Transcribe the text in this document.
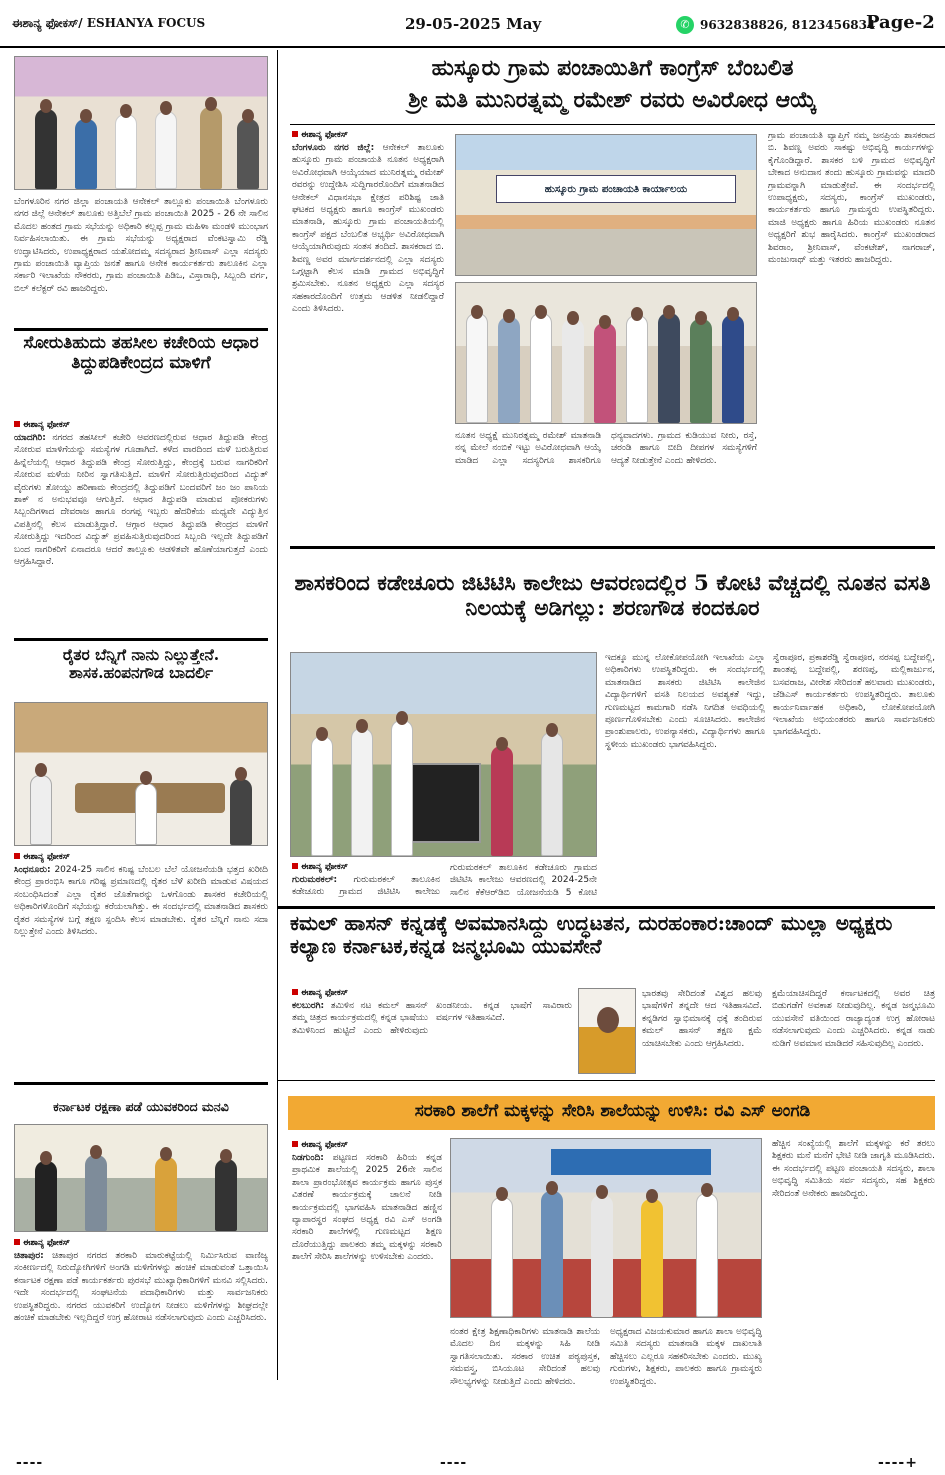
ಈಶಾನ್ಯ ಫೋಕಸ್/ ESHANYA FOCUS	29-05-2025 May	✆ 9632838826, 8123456834
Page-2
ಬೆಂಗಳೂರಿನ ನಗರ ಜಿಲ್ಲಾ ಪಂಚಾಯತಿ ಆನೇಕಲ್ ತಾಲ್ಲೂಕು ಪಂಚಾಯಿತಿ ಬೆಂಗಳೂರು ನಗರ ಜಿಲ್ಲೆ ಆನೇಕಲ್ ತಾಲೂಕು ಅತ್ತಿಬೆಲೆ ಗ್ರಾಮ ಪಂಚಾಯಿತಿ 2025 - 26 ನೇ ಸಾಲಿನ ಮೊದಲ ಹಂತದ ಗ್ರಾಮ ಸಭೆಯನ್ನು ಅಧಿಕಾರಿ ಕಲ್ಲಪ್ಪ ಗ್ರಾಮ ಮಹಿಳಾ ಮಂಡಳಿ ಮುಂಭಾಗ ನಿರ್ವಹಿಸಲಾಯಿತು. ಈ ಗ್ರಾಮ ಸಭೆಯನ್ನು ಅಧ್ಯಕ್ಷರಾದ ವೆಂಕಟಸ್ವಾಮಿ ರೆಡ್ಡಿ ಉದ್ಘಾಟಿಸಿದರು, ಉಪಾಧ್ಯಕ್ಷರಾದ ಯಶೋದಮ್ಮ ಸದಸ್ಯರಾದ ಶ್ರೀನಿವಾಸ್ ಎಲ್ಲಾ ಸದಸ್ಯರು ಗ್ರಾಮ ಪಂಚಾಯಿತಿ ವ್ಯಾಪ್ತಿಯ ಜನತೆ ಹಾಗೂ ಅನೇಕ ಕಾರ್ಯಕರ್ತರು ತಾಲೂಕಿನ ಎಲ್ಲಾ ಸರ್ಕಾರಿ ಇಲಾಖೆಯ ನೌಕರರು, ಗ್ರಾಮ ಪಂಚಾಯಿತಿ ಪಿಡಿಒ, ವಿಸ್ತಾರಾಧಿ, ಸಿಬ್ಬಂದಿ ವರ್ಗ, ಬಿಲ್ ಕಲೆಕ್ಟರ್ ರವಿ ಹಾಜರಿದ್ದರು.
ಸೋರುತಿಹುದು ತಹಸೀಲ ಕಚೇರಿಯ ಆಧಾರ ತಿದ್ದುಪಡಿಕೇಂದ್ರದ ಮಾಳಿಗೆ
ಈಶಾನ್ಯ ಫೋಕಸ್
ಯಾದಗಿರಿ: ನಗರದ ತಹಸೀಲ್ ಕಚೇರಿ ಆವರಣದಲ್ಲಿರುವ ಆಧಾರ ತಿದ್ದುಪಡಿ ಕೇಂದ್ರ ಸೋರುವ ಮಾಳಿಗೆಯನ್ನು ಸಮಸ್ಯೆಗಳ ಗೂಡಾಗಿದೆ. ಕಳೆದ ವಾರದಿಂದ ಮಳೆ ಬರುತ್ತಿರುವ ಹಿನ್ನೆಲೆಯಲ್ಲಿ ಆಧಾರ ತಿದ್ದುಪಡಿ ಕೇಂದ್ರ ಸೋರುತ್ತಿದ್ದು, ಕೇಂದ್ರಕ್ಕೆ ಬರುವ ನಾಗರಿಕರಿಗೆ ಸೋರುವ ಮಳೆಯ ನೀರಿನ ಸ್ವಾಗತಿಸುತ್ತಿದೆ. ಮಾಳಿಗೆ ಸೋರುತ್ತಿರುವುದರಿಂದ ವಿದ್ಯುತ್ ವೈರುಗಳು ತೋಯ್ದು ಹರಿಣಾಮ ಕೇಂದ್ರದಲ್ಲಿ ತಿದ್ದುಪಡಿಗೆ ಬಂದವರಿಗೆ ಜಂ ಜಂ ಪಾನಿಯ ಶಾಕ್ ನ ಅನುಭವವೂ ಆಗುತ್ತಿದೆ. ಆಧಾರ ತಿದ್ದುಪಡಿ ಮಾಡುವ ಪೋಕರುಗಳು ಸಿಬ್ಬಂದಿಗಳಾದ ದೇವರಾಜ ಹಾಗೂ ರಂಗಪ್ಪ ಇಬ್ಬರು ಹೆದರಿಕೆಯ ಮಧ್ಯವೇ ವಿದ್ಯುತ್ತಿನ ವಿಪತ್ತಿನಲ್ಲಿ ಕೆಲಸ ಮಾಡುತ್ತಿದ್ದಾರೆ. ಆಗ್ಗಾರ ಆಧಾರ ತಿದ್ದುಪಡಿ ಕೇಂದ್ರದ ಮಾಳಿಗೆ ಸೋರುತ್ತಿದ್ದು ಇದರಿಂದ ವಿದ್ಯುತ್ ಪ್ರವಹಿಸುತ್ತಿರುವುದರಿಂದ ಸಿಬ್ಬಂದಿ ಇಲ್ಲದೇ ತಿದ್ದುಪಡಿಗೆ ಬಂದ ನಾಗರಿಕರಿಗೆ ಏನಾದರೂ ಆದರೆ ತಾಲ್ಲೂಕು ಆಡಳಿತವೇ ಹೊಣೆಯಾಗುತ್ತದೆ ಎಂದು ಆಗ್ರಹಿಸಿದ್ದಾರೆ.
ರೈತರ ಬೆನ್ನಿಗೆ ನಾನು ನಿಲ್ಲುತ್ತೇನೆ. ಶಾಸಕ.ಹಂಪನಗೌಡ ಬಾದರ್ಲಿ
ಈಶಾನ್ಯ ಫೋಕಸ್
ಸಿಂಧನೂರು: 2024-25 ಸಾಲಿನ ಕನಿಷ್ಟ ಬೆಂಬಲ ಬೆಲೆ ಯೋಜನೆಯಡಿ ಭತ್ತದ ಖರೀದಿ ಕೇಂದ್ರ ಪ್ರಾರಂಭಿಸಿ ಕಾಗೂ ಗರಿಷ್ಟ ಪ್ರಮಾಣದಲ್ಲಿ ರೈತರ ಬೆಳೆ ಖರೀದಿ ಮಾಡುವ ವಿಷಯದ ಸಂಬಂಧಿಸಿದಂತೆ ಎಲ್ಲಾ ರೈತರ ಜೊತೆಗಾರನ್ನು ಒಳಗೊಂಡು ಶಾಸಕರ ಕಚೇರಿಯಲ್ಲಿ ಅಧಿಕಾರಿಗಳೊಂದಿಗೆ ಸಭೆಯನ್ನು ಕರೆಯಲಾಗಿತ್ತು. ಈ ಸಂದರ್ಭದಲ್ಲಿ ಮಾತನಾಡಿದ ಶಾಸಕರು ರೈತರ ಸಮಸ್ಯೆಗಳ ಬಗ್ಗೆ ತಕ್ಷಣ ಸ್ಪಂದಿಸಿ ಕೆಲಸ ಮಾಡಬೇಕು. ರೈತರ ಬೆನ್ನಿಗೆ ನಾನು ಸದಾ ನಿಲ್ಲುತ್ತೇನೆ ಎಂದು ತಿಳಿಸಿದರು.
ಕರ್ನಾಟಕ ರಕ್ಷಣಾ ಪಡೆ ಯುವಕರಿಂದ ಮನವಿ
ಈಶಾನ್ಯ ಫೋಕಸ್
ಚಿತಾಪುರ: ಚಿತಾಪುರ ನಗರದ ತರಕಾರಿ ಮಾರುಕಟ್ಟೆಯಲ್ಲಿ ನಿರ್ಮಿಸಿರುವ ವಾಣಿಜ್ಯ ಸಂಕೀರ್ಣದಲ್ಲಿ ನಿರುದ್ಯೋಗಿಗಳಿಗೆ ಅಂಗಡಿ ಮಳಿಗೆಗಳನ್ನು ಹಂಚಿಕೆ ಮಾಡುವಂತೆ ಒತ್ತಾಯಿಸಿ ಕರ್ನಾಟಕ ರಕ್ಷಣಾ ಪಡೆ ಕಾರ್ಯಕರ್ತರು ಪುರಸಭೆ ಮುಖ್ಯಾಧಿಕಾರಿಗಳಿಗೆ ಮನವಿ ಸಲ್ಲಿಸಿದರು. ಇದೇ ಸಂದರ್ಭದಲ್ಲಿ ಸಂಘಟನೆಯ ಪದಾಧಿಕಾರಿಗಳು ಮತ್ತು ಸಾರ್ವಜನಿಕರು ಉಪಸ್ಥಿತರಿದ್ದರು. ನಗರದ ಯುವಕರಿಗೆ ಉದ್ಯೋಗ ನೀಡಲು ಮಳಿಗೆಗಳನ್ನು ಶೀಘ್ರದಲ್ಲೇ ಹಂಚಿಕೆ ಮಾಡಬೇಕು ಇಲ್ಲದಿದ್ದರೆ ಉಗ್ರ ಹೋರಾಟ ನಡೆಸಲಾಗುವುದು ಎಂದು ಎಚ್ಚರಿಸಿದರು.
ಹುಸ್ಕೂರು ಗ್ರಾಮ ಪಂಚಾಯಿತಿಗೆ ಕಾಂಗ್ರೆಸ್ ಬೆಂಬಲಿತ
ಶ್ರೀ ಮತಿ ಮುನಿರತ್ನಮ್ಮ ರಮೇಶ್ ರವರು ಅವಿರೋಧ ಆಯ್ಕೆ
ಈಶಾನ್ಯ ಫೋಕಸ್
ಬೆಂಗಳೂರು ನಗರ ಜಿಲ್ಲೆ: ಆನೇಕಲ್ ತಾಲೂಕು ಹುಸ್ಕೂರು ಗ್ರಾಮ ಪಂಚಾಯತಿ ನೂತನ ಅಧ್ಯಕ್ಷರಾಗಿ ಅವಿರೋಧವಾಗಿ ಆಯ್ಕೆಯಾದ ಮುನಿರತ್ನಮ್ಮ ರಮೇಶ್ ರವರನ್ನು ಉದ್ದೇಶಿಸಿ ಸುದ್ದಿಗಾರರೊಂದಿಗೆ ಮಾತನಾಡಿದ ಆನೇಕಲ್ ವಿಧಾನಸಭಾ ಕ್ಷೇತ್ರದ ಪರಿಶಿಷ್ಟ ಜಾತಿ ಘಟಕದ ಅಧ್ಯಕ್ಷರು ಹಾಗೂ ಕಾಂಗ್ರೆಸ್ ಮುಖಂಡರು ಮಾತನಾಡಿ, ಹುಸ್ಕೂರು ಗ್ರಾಮ ಪಂಚಾಯತಿಯಲ್ಲಿ ಕಾಂಗ್ರೆಸ್ ಪಕ್ಷದ ಬೆಂಬಲಿತ ಅಭ್ಯರ್ಥಿ ಅವಿರೋಧವಾಗಿ ಆಯ್ಕೆಯಾಗಿರುವುದು ಸಂತಸ ತಂದಿದೆ. ಶಾಸಕರಾದ ಬಿ. ಶಿವಣ್ಣ ಅವರ ಮಾರ್ಗದರ್ಶನದಲ್ಲಿ ಎಲ್ಲಾ ಸದಸ್ಯರು ಒಗ್ಗಟ್ಟಾಗಿ ಕೆಲಸ ಮಾಡಿ ಗ್ರಾಮದ ಅಭಿವೃದ್ಧಿಗೆ ಶ್ರಮಿಸಬೇಕು. ನೂತನ ಅಧ್ಯಕ್ಷರು ಎಲ್ಲಾ ಸದಸ್ಯರ ಸಹಕಾರದೊಂದಿಗೆ ಉತ್ತಮ ಆಡಳಿತ ನೀಡಲಿದ್ದಾರೆ ಎಂದು ತಿಳಿಸಿದರು.
ಹುಸ್ಕೂರು ಗ್ರಾಮ ಪಂಚಾಯತಿ ಕಾರ್ಯಾಲಯ
ನೂತನ ಅಧ್ಯಕ್ಷೆ ಮುನಿರತ್ನಮ್ಮ ರಮೇಶ್ ಮಾತನಾಡಿ ನನ್ನ ಮೇಲೆ ನಂಬಿಕೆ ಇಟ್ಟು ಅವಿರೋಧವಾಗಿ ಆಯ್ಕೆ ಮಾಡಿದ ಎಲ್ಲಾ ಸದಸ್ಯರಿಗೂ ಶಾಸಕರಿಗೂ ಧನ್ಯವಾದಗಳು. ಗ್ರಾಮದ ಕುಡಿಯುವ ನೀರು, ರಸ್ತೆ, ಚರಂಡಿ ಹಾಗೂ ಬೀದಿ ದೀಪಗಳ ಸಮಸ್ಯೆಗಳಿಗೆ ಆದ್ಯತೆ ನೀಡುತ್ತೇನೆ ಎಂದು ಹೇಳಿದರು.
ಗ್ರಾಮ ಪಂಚಾಯತಿ ವ್ಯಾಪ್ತಿಗೆ ನಮ್ಮ ಜನಪ್ರಿಯ ಶಾಸಕರಾದ ಬಿ. ಶಿವಣ್ಣ ಅವರು ಸಾಕಷ್ಟು ಅಭಿವೃದ್ಧಿ ಕಾರ್ಯಗಳನ್ನು ಕೈಗೊಂಡಿದ್ದಾರೆ. ಶಾಸಕರ ಬಳಿ ಗ್ರಾಮದ ಅಭಿವೃದ್ಧಿಗೆ ಬೇಕಾದ ಅನುದಾನ ತಂದು ಹುಸ್ಕೂರು ಗ್ರಾಮವನ್ನು ಮಾದರಿ ಗ್ರಾಮವನ್ನಾಗಿ ಮಾಡುತ್ತೇವೆ. ಈ ಸಂದರ್ಭದಲ್ಲಿ ಉಪಾಧ್ಯಕ್ಷರು, ಸದಸ್ಯರು, ಕಾಂಗ್ರೆಸ್ ಮುಖಂಡರು, ಕಾರ್ಯಕರ್ತರು ಹಾಗೂ ಗ್ರಾಮಸ್ಥರು ಉಪಸ್ಥಿತರಿದ್ದರು. ಮಾಜಿ ಅಧ್ಯಕ್ಷರು ಹಾಗೂ ಹಿರಿಯ ಮುಖಂಡರು ನೂತನ ಅಧ್ಯಕ್ಷರಿಗೆ ಶುಭ ಹಾರೈಸಿದರು. ಕಾಂಗ್ರೆಸ್ ಮುಖಂಡರಾದ ಶಿವರಾಂ, ಶ್ರೀನಿವಾಸ್, ವೆಂಕಟೇಶ್, ನಾಗರಾಜ್, ಮಂಜುನಾಥ್ ಮತ್ತು ಇತರರು ಹಾಜರಿದ್ದರು.
ಶಾಸಕರಿಂದ ಕಡೇಚೂರು ಜಿಟಿಟಿಸಿ ಕಾಲೇಜು ಆವರಣದಲ್ಲಿರ 5 ಕೋಟಿ ವೆಚ್ಚದಲ್ಲಿ ನೂತನ ವಸತಿ ನಿಲಯಕ್ಕೆ ಅಡಿಗಲ್ಲು: ಶರಣಗೌಡ ಕಂದಕೂರ
ಈಶಾನ್ಯ ಫೋಕಸ್
ಗುರುಮಠಕಲ್: ಗುರುಮಠಕಲ್ ತಾಲೂಕಿನ ಕಡೇಚೂರು ಗ್ರಾಮದ ಜಿಟಿಟಿಸಿ ಕಾಲೇಜು
ಗುರುಮಠಕಲ್ ತಾಲೂಕಿನ ಕಡೇಚೂರು ಗ್ರಾಮದ ಜಿಟಿಟಿಸಿ ಕಾಲೇಜು ಆವರಣದಲ್ಲಿ 2024-25ನೇ ಸಾಲಿನ ಕೆಕೆಆರ್‌ಡಿಬಿ ಯೋಜನೆಯಡಿ 5 ಕೋಟಿ
ಇದಕ್ಕೂ ಮುನ್ನ ಲೋಕೋಪಯೋಗಿ ಇಲಾಖೆಯ ಎಲ್ಲಾ ಅಧಿಕಾರಿಗಳು ಉಪಸ್ಥಿತರಿದ್ದರು. ಈ ಸಂದರ್ಭದಲ್ಲಿ ಮಾತನಾಡಿದ ಶಾಸಕರು ಜಿಟಿಟಿಸಿ ಕಾಲೇಜಿನ ವಿದ್ಯಾರ್ಥಿಗಳಿಗೆ ವಸತಿ ನಿಲಯದ ಅವಶ್ಯಕತೆ ಇದ್ದು, ಗುಣಮಟ್ಟದ ಕಾಮಗಾರಿ ನಡೆಸಿ ನಿಗದಿತ ಅವಧಿಯಲ್ಲಿ ಪೂರ್ಣಗೊಳಿಸಬೇಕು ಎಂದು ಸೂಚಿಸಿದರು. ಕಾಲೇಜಿನ ಪ್ರಾಂಶುಪಾಲರು, ಉಪನ್ಯಾಸಕರು, ವಿದ್ಯಾರ್ಥಿಗಳು ಹಾಗೂ ಸ್ಥಳೀಯ ಮುಖಂಡರು ಭಾಗವಹಿಸಿದ್ದರು.
ಸ್ವೆರಾಪೂರ, ಪ್ರಕಾಶರೆಡ್ಡಿ ಸ್ವೆರಾಪೂರ, ನರಸಪ್ಪ ಬದ್ದೇಪಲ್ಲಿ, ಶಾಂತಪ್ಪ ಬದ್ದೇಪಲ್ಲಿ, ಶರಣಪ್ಪ, ಮಲ್ಲಿಕಾರ್ಜುನ, ಬಸವರಾಜ, ವೀರೇಶ ಸೇರಿದಂತೆ ಹಲವಾರು ಮುಖಂಡರು, ಜೆಡಿಎಸ್ ಕಾರ್ಯಕರ್ತರು ಉಪಸ್ಥಿತರಿದ್ದರು. ತಾಲೂಕು ಕಾರ್ಯನಿರ್ವಾಹಕ ಅಧಿಕಾರಿ, ಲೋಕೋಪಯೋಗಿ ಇಲಾಖೆಯ ಅಭಿಯಂತರರು ಹಾಗೂ ಸಾರ್ವಜನಿಕರು ಭಾಗವಹಿಸಿದ್ದರು.
ಕಮಲ್ ಹಾಸನ್ ಕನ್ನಡಕ್ಕೆ ಅವಮಾನಸಿದ್ದು ಉದ್ಧಟತನ, ದುರಹಂಕಾರ:ಚಾಂದ್ ಮುಲ್ಲಾ ಅಧ್ಯಕ್ಷರು ಕಲ್ಯಾಣ ಕರ್ನಾಟಕ,ಕನ್ನಡ ಜನ್ಮಭೂಮಿ ಯುವಸೇನೆ
ಈಶಾನ್ಯ ಫೋಕಸ್
ಕಲಬುರಗಿ: ತಮಿಳಿನ ನಟ ಕಮಲ್ ಹಾಸನ್ ತಮ್ಮ ಚಿತ್ರದ ಕಾರ್ಯಕ್ರಮದಲ್ಲಿ ಕನ್ನಡ ಭಾಷೆಯು ತಮಿಳಿನಿಂದ ಹುಟ್ಟಿದೆ ಎಂದು ಹೇಳಿರುವುದು ಖಂಡನೀಯ. ಕನ್ನಡ ಭಾಷೆಗೆ ಸಾವಿರಾರು ವರ್ಷಗಳ ಇತಿಹಾಸವಿದೆ.
ಭಾರತವು ಸೇರಿದಂತೆ ವಿಶ್ವದ ಹಲವು ಭಾಷೆಗಳಿಗೆ ತನ್ನದೇ ಆದ ಇತಿಹಾಸವಿದೆ. ಕನ್ನಡಿಗರ ಸ್ವಾಭಿಮಾನಕ್ಕೆ ಧಕ್ಕೆ ತಂದಿರುವ ಕಮಲ್ ಹಾಸನ್ ತಕ್ಷಣ ಕ್ಷಮೆ ಯಾಚಿಸಬೇಕು ಎಂದು ಆಗ್ರಹಿಸಿದರು.
ಕ್ಷಮೆಯಾಚಿಸದಿದ್ದರೆ ಕರ್ನಾಟಕದಲ್ಲಿ ಅವರ ಚಿತ್ರ ಬಿಡುಗಡೆಗೆ ಅವಕಾಶ ನೀಡುವುದಿಲ್ಲ. ಕನ್ನಡ ಜನ್ಮಭೂಮಿ ಯುವಸೇನೆ ವತಿಯಿಂದ ರಾಜ್ಯಾದ್ಯಂತ ಉಗ್ರ ಹೋರಾಟ ನಡೆಸಲಾಗುವುದು ಎಂದು ಎಚ್ಚರಿಸಿದರು. ಕನ್ನಡ ನಾಡು ನುಡಿಗೆ ಅವಮಾನ ಮಾಡಿದರೆ ಸಹಿಸುವುದಿಲ್ಲ ಎಂದರು.
ಸರಕಾರಿ ಶಾಲೆಗೆ ಮಕ್ಕಳನ್ನು ಸೇರಿಸಿ ಶಾಲೆಯನ್ನು ಉಳಿಸಿ: ರವಿ ಎಸ್ ಅಂಗಡಿ
ಈಶಾನ್ಯ ಫೋಕಸ್
ನಿಡಗುಂದಿ: ಪಟ್ಟಣದ ಸರಕಾರಿ ಹಿರಿಯ ಕನ್ನಡ ಪ್ರಾಥಮಿಕ ಶಾಲೆಯಲ್ಲಿ 2025 26ನೇ ಸಾಲಿನ ಶಾಲಾ ಪ್ರಾರಂಭೋತ್ಸವ ಕಾರ್ಯಕ್ರಮ ಹಾಗೂ ಪುಸ್ತಕ ವಿತರಣೆ ಕಾರ್ಯಕ್ರಮಕ್ಕೆ ಚಾಲನೆ ನೀಡಿ ಕಾರ್ಯಕ್ರಮದಲ್ಲಿ ಭಾಗವಹಿಸಿ ಮಾತನಾಡಿದ ಹಣ್ಣಿನ ವ್ಯಾಪಾರಸ್ಥರ ಸಂಘದ ಅಧ್ಯಕ್ಷ ರವಿ ಎಸ್ ಅಂಗಡಿ ಸರಕಾರಿ ಶಾಲೆಗಳಲ್ಲಿ ಗುಣಮಟ್ಟದ ಶಿಕ್ಷಣ ದೊರೆಯುತ್ತಿದ್ದು ಪಾಲಕರು ತಮ್ಮ ಮಕ್ಕಳನ್ನು ಸರಕಾರಿ ಶಾಲೆಗೆ ಸೇರಿಸಿ ಶಾಲೆಗಳನ್ನು ಉಳಿಸಬೇಕು ಎಂದರು.
ನಂತರ ಕ್ಷೇತ್ರ ಶಿಕ್ಷಣಾಧಿಕಾರಿಗಳು ಮಾತನಾಡಿ ಶಾಲೆಯ ಮೊದಲ ದಿನ ಮಕ್ಕಳನ್ನು ಸಿಹಿ ನೀಡಿ ಸ್ವಾಗತಿಸಲಾಯಿತು. ಸರಕಾರ ಉಚಿತ ಪಠ್ಯಪುಸ್ತಕ, ಸಮವಸ್ತ್ರ, ಬಿಸಿಯೂಟ ಸೇರಿದಂತೆ ಹಲವು ಸೌಲಭ್ಯಗಳನ್ನು ನೀಡುತ್ತಿದೆ ಎಂದು ಹೇಳಿದರು.
ಅಧ್ಯಕ್ಷರಾದ ವಿಜಯಕುಮಾರ ಹಾಗೂ ಶಾಲಾ ಅಭಿವೃದ್ಧಿ ಸಮಿತಿ ಸದಸ್ಯರು ಮಾತನಾಡಿ ಮಕ್ಕಳ ದಾಖಲಾತಿ ಹೆಚ್ಚಿಸಲು ಎಲ್ಲರೂ ಸಹಕರಿಸಬೇಕು ಎಂದರು. ಮುಖ್ಯ ಗುರುಗಳು, ಶಿಕ್ಷಕರು, ಪಾಲಕರು ಹಾಗೂ ಗ್ರಾಮಸ್ಥರು ಉಪಸ್ಥಿತರಿದ್ದರು.
ಹೆಚ್ಚಿನ ಸಂಖ್ಯೆಯಲ್ಲಿ ಶಾಲೆಗೆ ಮಕ್ಕಳನ್ನು ಕರೆ ತರಲು ಶಿಕ್ಷಕರು ಮನೆ ಮನೆಗೆ ಭೇಟಿ ನೀಡಿ ಜಾಗೃತಿ ಮೂಡಿಸಿದರು. ಈ ಸಂದರ್ಭದಲ್ಲಿ ಪಟ್ಟಣ ಪಂಚಾಯತಿ ಸದಸ್ಯರು, ಶಾಲಾ ಅಭಿವೃದ್ಧಿ ಸಮಿತಿಯ ಸರ್ವ ಸದಸ್ಯರು, ಸಹ ಶಿಕ್ಷಕರು ಸೇರಿದಂತೆ ಅನೇಕರು ಹಾಜರಿದ್ದರು.
----	----	----+
